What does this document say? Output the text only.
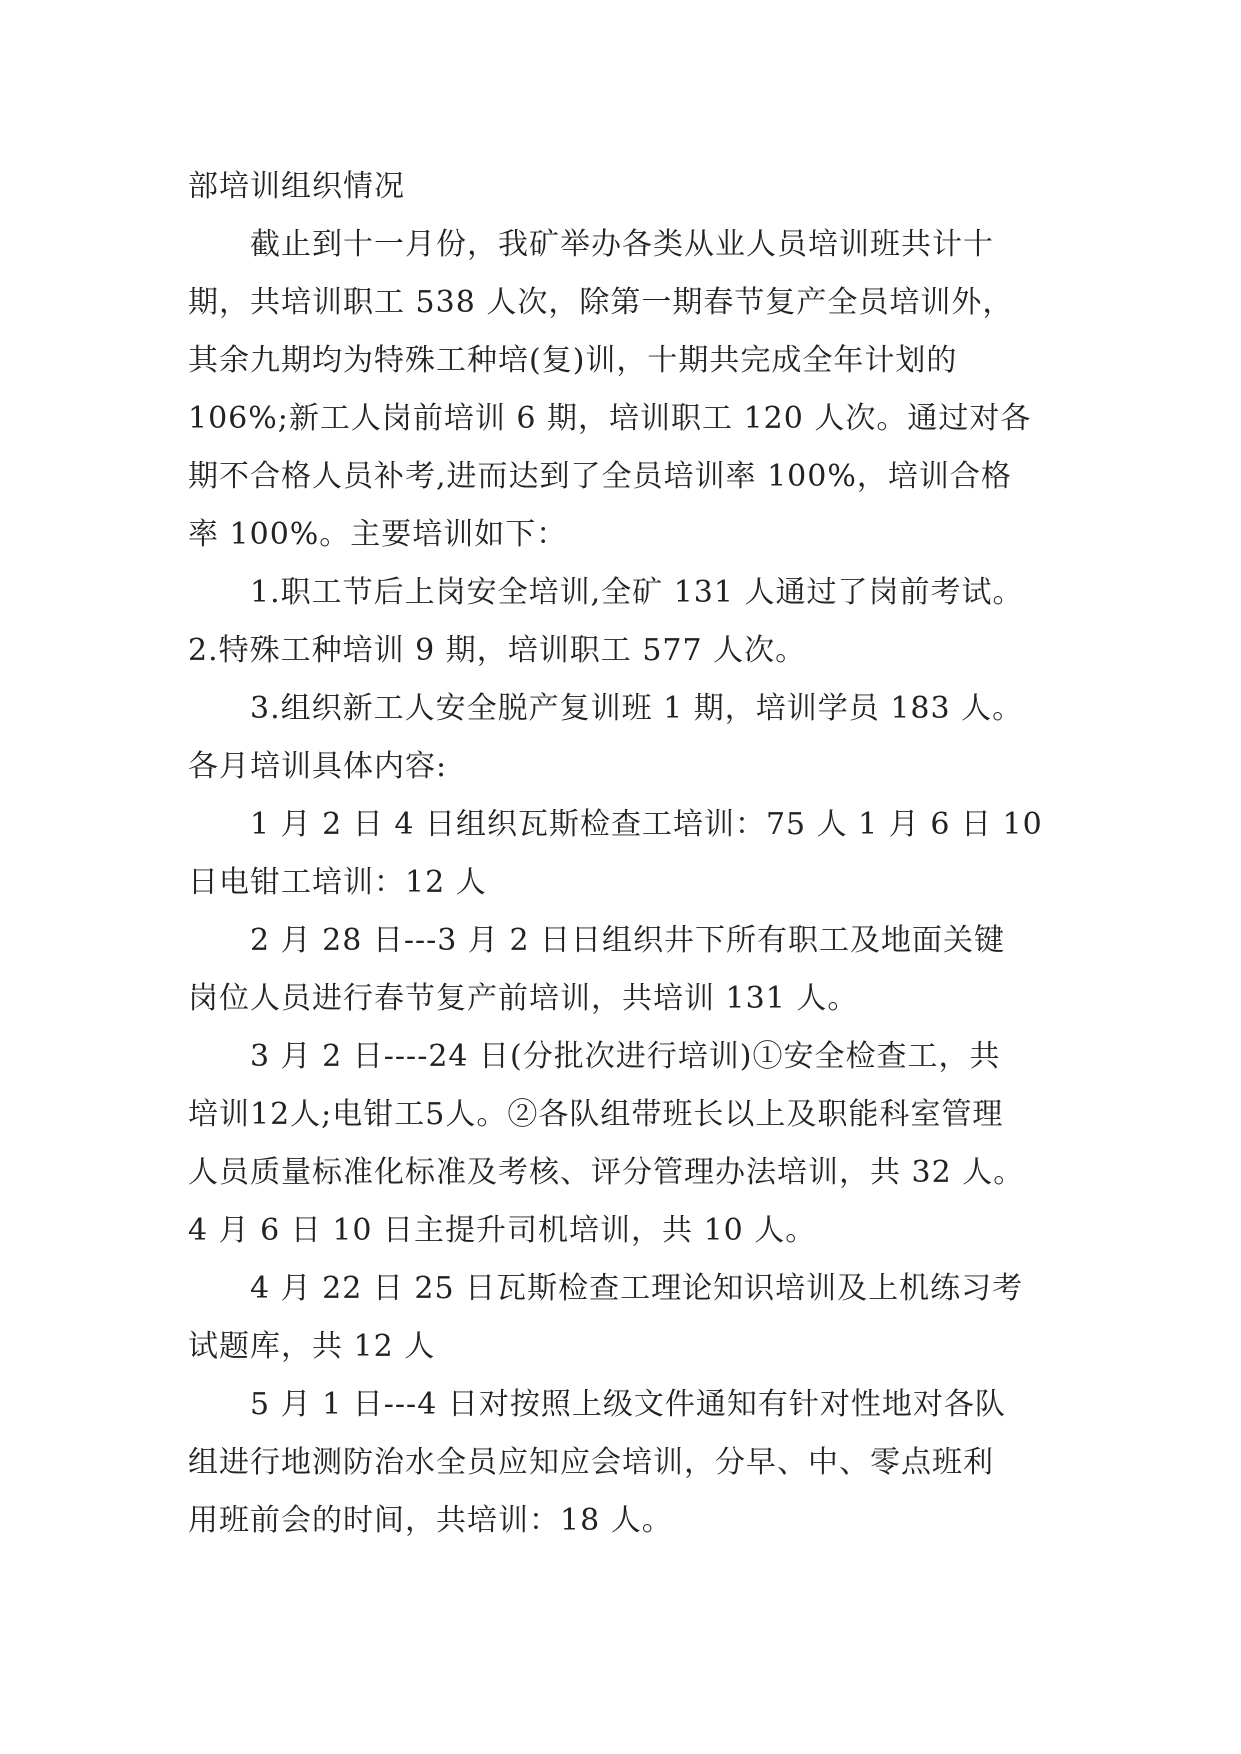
部培训组织情况
截止到十一月份，我矿举办各类从业人员培训班共计十
期，共培训职工 538 人次，除第一期春节复产全员培训外，
其余九期均为特殊工种培(复)训，十期共完成全年计划的
106%;新工人岗前培训 6 期，培训职工 120 人次。通过对各
期不合格人员补考,进而达到了全员培训率 100%，培训合格
率 100%。主要培训如下：
1.职工节后上岗安全培训,全矿 131 人通过了岗前考试。
2.特殊工种培训 9 期，培训职工 577 人次。
3.组织新工人安全脱产复训班 1 期，培训学员 183 人。
各月培训具体内容:
1 月 2 日 4 日组织瓦斯检查工培训：75 人 1 月 6 日 10
日电钳工培训：12 人
2 月 28 日---3 月 2 日日组织井下所有职工及地面关键
岗位人员进行春节复产前培训，共培训 131 人。
3 月 2 日----24 日(分批次进行培训)①安全检查工，共
培训12人;电钳工5人。②各队组带班长以上及职能科室管理
人员质量标准化标准及考核、评分管理办法培训，共 32 人。
4 月 6 日 10 日主提升司机培训，共 10 人。
4 月 22 日 25 日瓦斯检查工理论知识培训及上机练习考
试题库，共 12 人
5 月 1 日---4 日对按照上级文件通知有针对性地对各队
组进行地测防治水全员应知应会培训，分早、中、零点班利
用班前会的时间，共培训：18 人。
